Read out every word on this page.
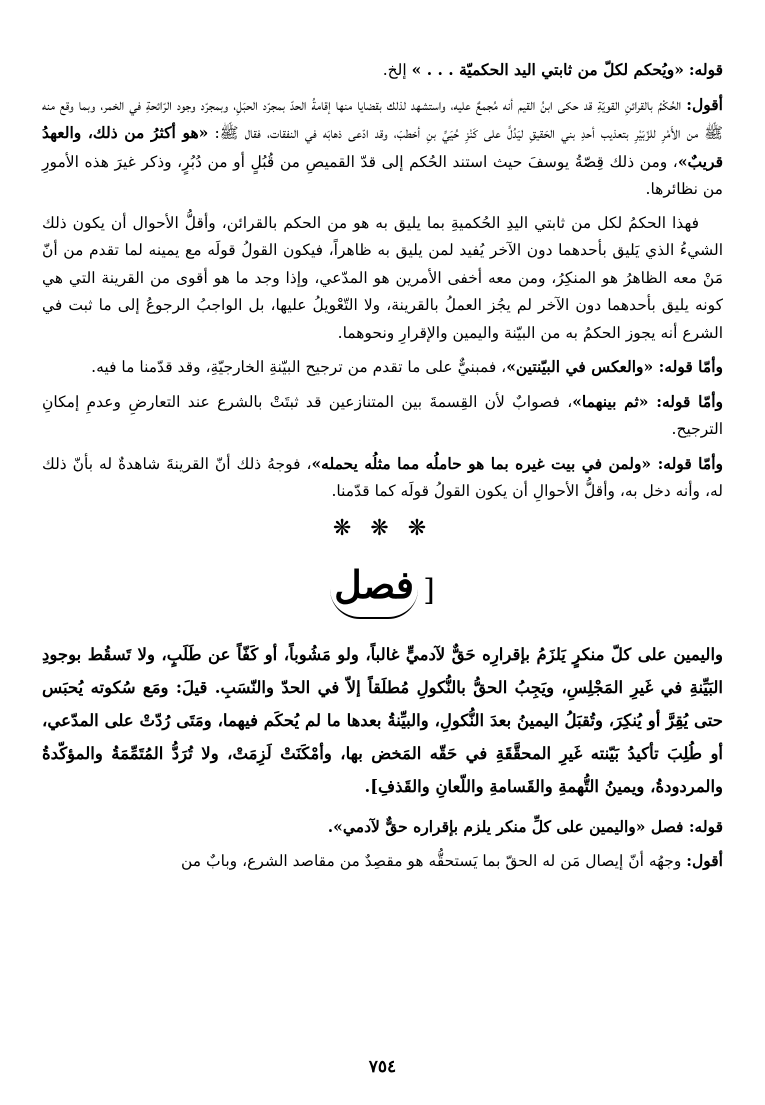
قوله: «ويُحكم لكلّ من ثابتي اليد الحكميّة . . . » إلخ.

أقول: الحُكْمُ بالقرائنِ القويّةِ قد حكى ابنُ القيم أنه مُجمعٌ عليه، واستشهد لذلك بقضايا منها إقامةُ الحدّ بمجرّد الحبَلِ، وبمجرّد وجود الرّائحةِ في الخمر، وبما وقع منه ﷺ من الأَمْرِ للزّبَيْرِ بتعذيب أحدِ بني الحَقيقِ ليَدُلَّ على كَنْزِ حُيَيِّ بنِ أخطبَ، وقد ادّعى ذهابَه في النفقات، فقال ﷺ: «هو أكثرُ من ذلك، والعهدُ قريبٌ»، ومن ذلك قِصّةُ يوسفَ حيث استند الحُكم إلى قدّ القميصِ من قُبُلٍ أو من دُبُرٍ، وذكر غيرَ هذه الأمورِ من نظائرها.

فهذا الحكمُ لكل من ثابتي اليدِ الحُكميةِ بما يليق به هو من الحكم بالقرائن، وأقلُّ الأحوال أن يكون ذلك الشيءُ الذي يَليق بأحدهما دون الآخر يُفيد لمن يليق به ظاهراً، فيكون القولُ قولَه مع يمينه لما تقدم من أنّ مَنْ معه الظاهرُ هو المنكِرُ، ومن معه أخفى الأمرين هو المدّعي، وإذا وجد ما هو أقوى من القرينة التي هي كونه يليق بأحدهما دون الآخر لم يجُز العملُ بالقرينة، ولا التّعْويلُ عليها، بل الواجبُ الرجوعُ إلى ما ثبت في الشرع أنه يجوز الحكمُ به من البيّنة واليمين والإقرارِ ونحوهما.

وأمّا قوله: «والعكس في البيّنتين»، فمبنيٌّ على ما تقدم من ترجيح البيّنةِ الخارجيّةِ، وقد قدّمنا ما فيه.

وأمّا قوله: «ثم بينهما»، فصوابٌ لأن القِسمةَ بين المتنازعين قد ثبتَتْ بالشرع عند التعارضِ وعدمِ إمكانِ الترجيح.

وأمّا قوله: «ولمن في بيت غيره بما هو حاملُه مما مثلُه يحمله»، فوجهُ ذلك أنّ القرينةَ شاهدةٌ له بأنّ ذلك له، وأنه دخل به، وأقلُّ الأحوالِ أن يكون القولُ قولَه كما قدّمنا.

❋ ❋ ❋
[ فصل

واليمين على كلّ منكرٍ يَلزَمُ بإقرارِه حَقٌّ لآدميٍّ غالباً، ولو مَشُوباً، أو كَفّاً عن طَلَبٍ، ولا تَسقُط بوجودِ البَيِّنةِ في غَيرِ المَجْلِسِ، ويَجِبُ الحقُّ بالنُّكولِ مُطلَقاً إلاّ في الحدّ والنّسَبِ. قيلَ: ومَع سُكوته يُحبَس حتى يُقِرَّ أو يُنكِرَ، وتُقبَلُ اليمينُ بعدَ النُّكولِ، والبيِّنةُ بعدها ما لم يُحكَم فيهما، ومَتَى رُدّتْ على المدّعي، أو طُلِبَ تأكيدُ بَيّنته غَيرِ المحقَّقَةِ في حَقّه المَخض بها، وأمْكَنَتْ لَزِمَتْ، ولا تُرَدُّ المُتَمِّمَةُ والمؤكّدةُ والمردودةُ، ويمينُ التُّهمةِ والقَسامةِ واللّعانِ والقَذفِ].

قوله: فصل «واليمين على كلِّ منكر يلزم بإقراره حقٌّ لآدمي».

أقول: وجهُه أنّ إيصال مَن له الحقّ بما يَستحقُّه هو مقصِدٌ من مقاصد الشرع، وبابٌ من

٧٥٤
